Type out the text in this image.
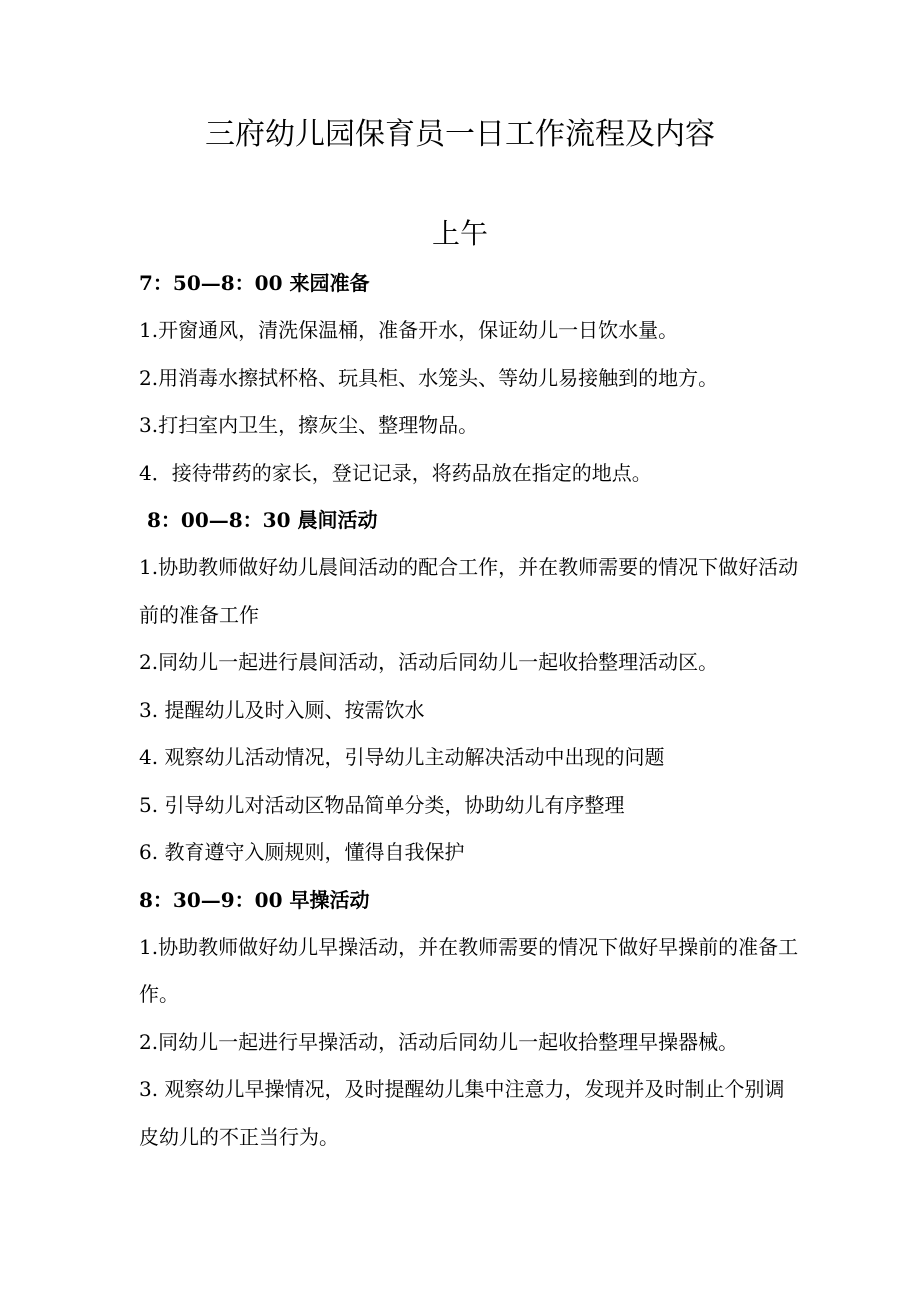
三府幼儿园保育员一日工作流程及内容
上午

7：50—8：00 来园准备

1.开窗通风，清洗保温桶，准备开水，保证幼儿一日饮水量。

2.用消毒水擦拭杯格、玩具柜、水笼头、等幼儿易接触到的地方。

3.打扫室内卫生，擦灰尘、整理物品。

4．接待带药的家长，登记记录，将药品放在指定的地点。

8：00—8：30 晨间活动

1.协助教师做好幼儿晨间活动的配合工作，并在教师需要的情况下做好活动前的准备工作

2.同幼儿一起进行晨间活动，活动后同幼儿一起收拾整理活动区。

3. 提醒幼儿及时入厕、按需饮水

4. 观察幼儿活动情况，引导幼儿主动解决活动中出现的问题

5. 引导幼儿对活动区物品简单分类，协助幼儿有序整理

6. 教育遵守入厕规则，懂得自我保护

8：30—9：00 早操活动

1.协助教师做好幼儿早操活动，并在教师需要的情况下做好早操前的准备工作。

2.同幼儿一起进行早操活动，活动后同幼儿一起收拾整理早操器械。

3. 观察幼儿早操情况，及时提醒幼儿集中注意力，发现并及时制止个别调皮幼儿的不正当行为。
